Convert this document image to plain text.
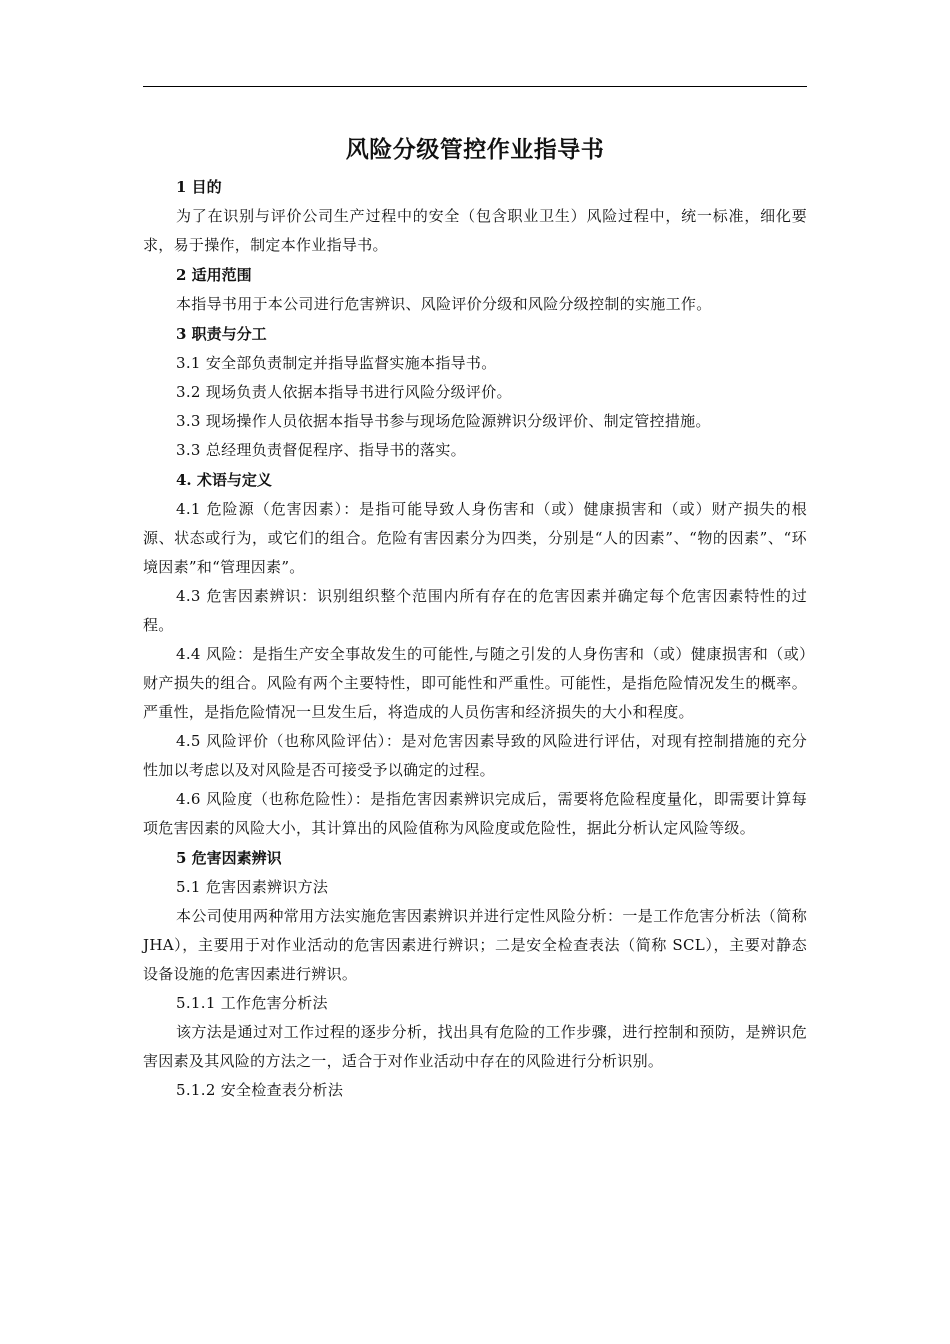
风险分级管控作业指导书
1 目的
为了在识别与评价公司生产过程中的安全（包含职业卫生）风险过程中，统一标准，细化要求，易于操作，制定本作业指导书。
2 适用范围
本指导书用于本公司进行危害辨识、风险评价分级和风险分级控制的实施工作。
3 职责与分工
3.1 安全部负责制定并指导监督实施本指导书。
3.2 现场负责人依据本指导书进行风险分级评价。
3.3 现场操作人员依据本指导书参与现场危险源辨识分级评价、制定管控措施。
3.3 总经理负责督促程序、指导书的落实。
4. 术语与定义
4.1 危险源（危害因素）：是指可能导致人身伤害和（或）健康损害和（或）财产损失的根源、状态或行为，或它们的组合。危险有害因素分为四类，分别是“人的因素”、“物的因素”、“环境因素”和“管理因素”。
4.3 危害因素辨识：识别组织整个范围内所有存在的危害因素并确定每个危害因素特性的过程。
4.4 风险：是指生产安全事故发生的可能性,与随之引发的人身伤害和（或）健康损害和（或）财产损失的组合。风险有两个主要特性，即可能性和严重性。可能性，是指危险情况发生的概率。严重性，是指危险情况一旦发生后，将造成的人员伤害和经济损失的大小和程度。
4.5 风险评价（也称风险评估）：是对危害因素导致的风险进行评估，对现有控制措施的充分性加以考虑以及对风险是否可接受予以确定的过程。
4.6 风险度（也称危险性）：是指危害因素辨识完成后，需要将危险程度量化，即需要计算每项危害因素的风险大小，其计算出的风险值称为风险度或危险性，据此分析认定风险等级。
5 危害因素辨识
5.1 危害因素辨识方法
本公司使用两种常用方法实施危害因素辨识并进行定性风险分析：一是工作危害分析法（简称 JHA），主要用于对作业活动的危害因素进行辨识；二是安全检查表法（简称 SCL），主要对静态设备设施的危害因素进行辨识。
5.1.1 工作危害分析法
该方法是通过对工作过程的逐步分析，找出具有危险的工作步骤，进行控制和预防，是辨识危害因素及其风险的方法之一，适合于对作业活动中存在的风险进行分析识别。
5.1.2 安全检查表分析法
